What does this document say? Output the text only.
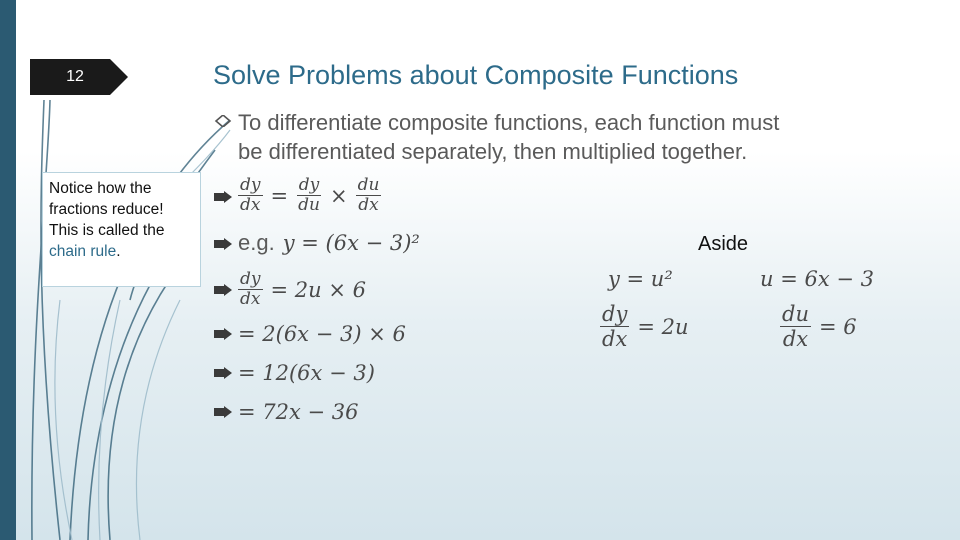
12	Solve Problems about Composite Functions
To differentiate composite functions, each function must
be differentiated separately, then multiplied together.
$\frac{dy}{dx} = \frac{dy}{du} \times \frac{du}{dx}$
e.g. y = (6x − 3)²
$\frac{dy}{dx} = 2u \times 6$
= 2(6x − 3) × 6
= 12(6x − 3)
= 72x − 36
Notice how the fractions reduce! This is called the chain rule.	Aside
y = u²	u = 6x − 3
$\frac{dy}{dx} = 2u$	$\frac{du}{dx} = 6$
